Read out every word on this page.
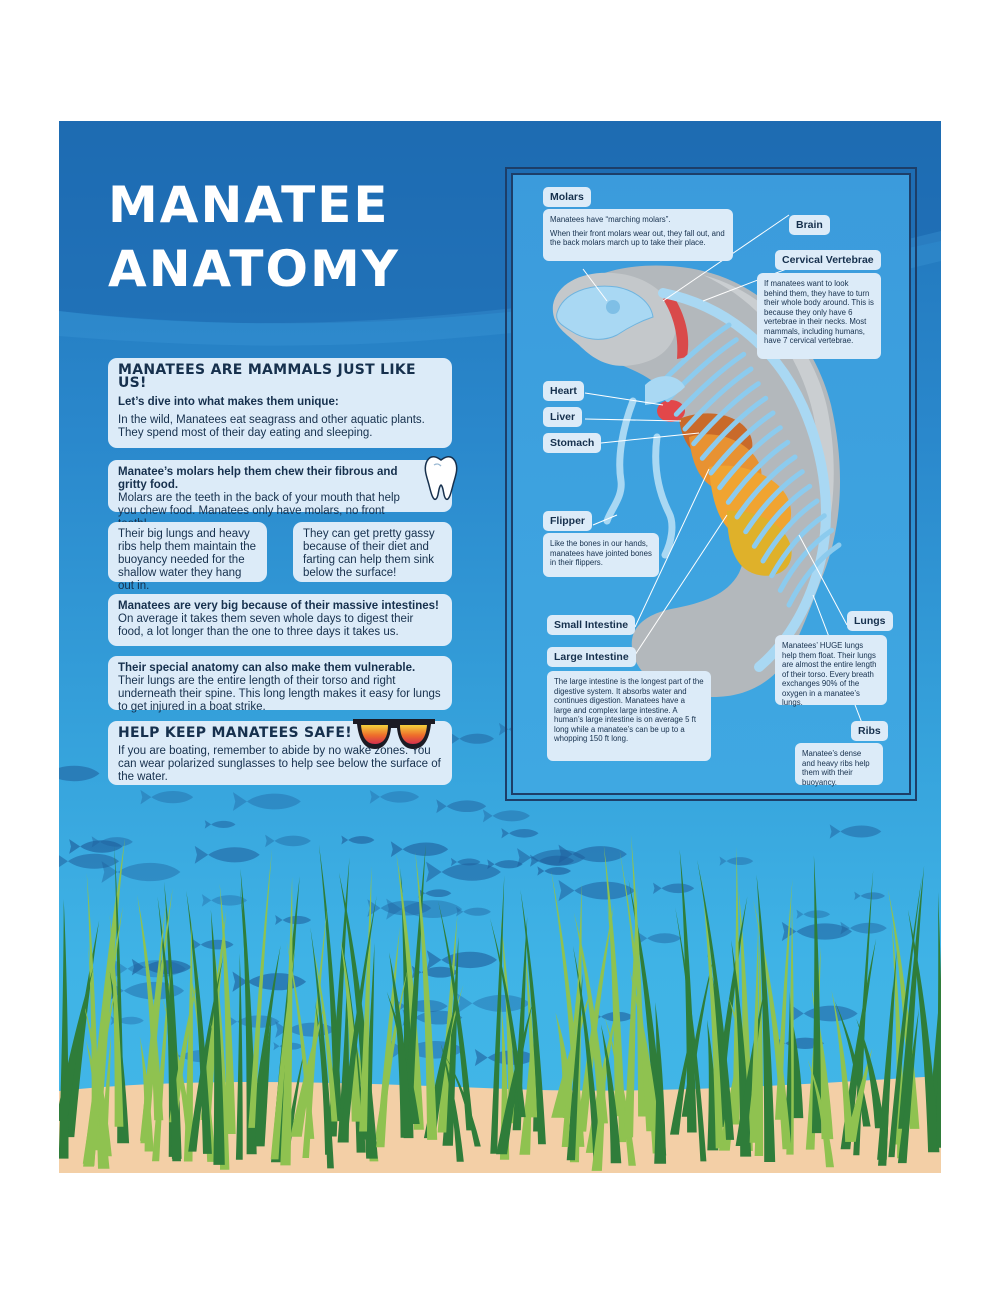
MANATEE
ANATOMY
MANATEES ARE MAMMALS JUST LIKE US!
Let’s dive into what makes them unique:
In the wild, Manatees eat seagrass and other aquatic plants. They spend most of their day eating and sleeping.
Manatee’s molars help them chew their fibrous and gritty food.
Molars are the teeth in the back of your mouth that help you chew food. Manatees only have molars, no front
Their big lungs and heavy ribs help them maintain the buoyancy needed for the shallow water they hang out in.
They can get pretty gassy because of their diet and farting can help them sink below the surface!
Manatees are very big because of their massive intestines! On average it takes them seven whole days to digest their food, a lot longer than the one to three days it takes us.
Their special anatomy can also make them vulnerable. Their lungs are the entire length of their torso and right underneath their spine. This long length makes it easy for lungs to get injured in a boat strike.
HELP KEEP MANATEES SAFE!
If you are boating, remember to abide by no wake zones. You can wear polarized sunglasses to help see below the surface of the water.
Molars
Manatees have “marching molars”.
When their front molars wear out, they fall out, and the back molars march up to take their place.
Brain
Cervical Vertebrae
If manatees want to look behind them, they have to turn their whole body around. This is because they only have 6 vertebrae in their necks. Most mammals, including humans, have 7 cervical vertebrae.
Heart
Liver
Stomach
Flipper
Like the bones in our hands, manatees have jointed bones in their flippers.
Small Intestine
Large Intestine
The large intestine is the longest part of the digestive system. It absorbs water and continues digestion. Manatees have a large and complex large intestine. A human’s large intestine is on average 5 ft long while a manatee’s can be up to a whopping 150 ft long.
Lungs
Manatees’ HUGE lungs help them float. Their lungs are almost the entire length of their torso. Every breath exchanges 90% of the oxygen in a manatee’s lungs.
Ribs
Manatee’s dense and heavy ribs help them with their buoyancy.
